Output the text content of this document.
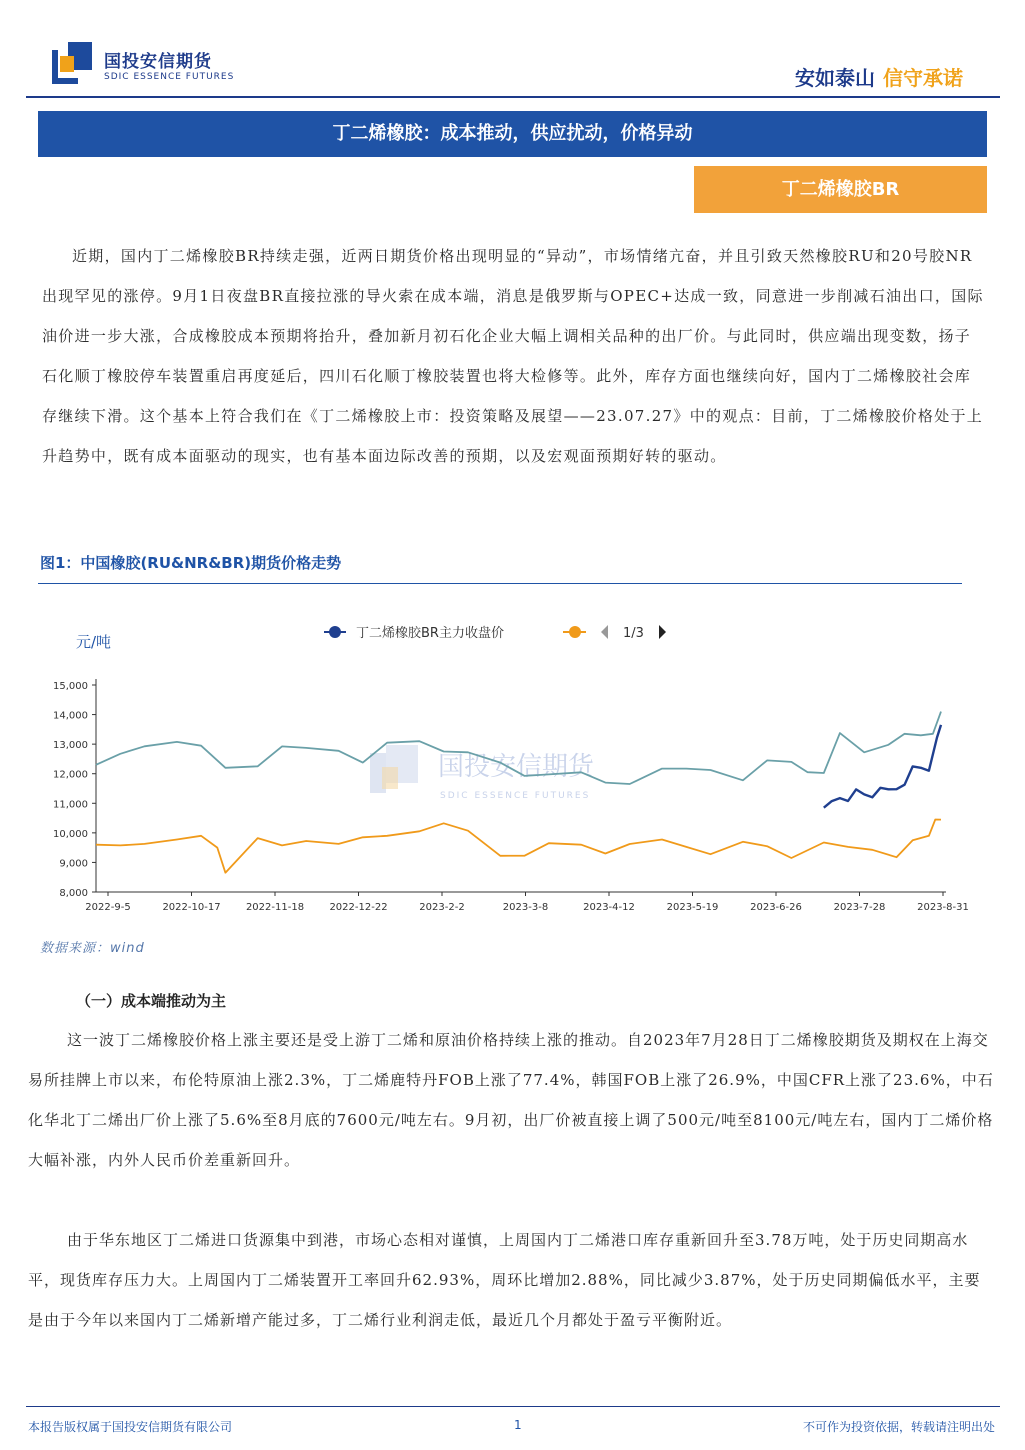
国投安信期货
SDIC ESSENCE FUTURES	安如泰山 信守承诺
丁二烯橡胶：成本推动，供应扰动，价格异动
丁二烯橡胶BR
近期，国内丁二烯橡胶BR持续走强，近两日期货价格出现明显的“异动”，市场情绪亢奋，并且引致天然橡胶RU和20号胶NR出现罕见的涨停。9月1日夜盘BR直接拉涨的导火索在成本端，消息是俄罗斯与OPEC+达成一致，同意进一步削减石油出口，国际油价进一步大涨，合成橡胶成本预期将抬升，叠加新月初石化企业大幅上调相关品种的出厂价。与此同时，供应端出现变数，扬子石化顺丁橡胶停车装置重启再度延后，四川石化顺丁橡胶装置也将大检修等。此外，库存方面也继续向好，国内丁二烯橡胶社会库存继续下滑。这个基本上符合我们在《丁二烯橡胶上市：投资策略及展望——23.07.27》中的观点：目前，丁二烯橡胶价格处于上升趋势中，既有成本面驱动的现实，也有基本面边际改善的预期，以及宏观面预期好转的驱动。
图1：中国橡胶(RU&NR&BR)期货价格走势
丁二烯橡胶BR主力收盘价	1/3
元/吨
国投安信期货
SDIC ESSENCE FUTURES
8,000
9,000
10,000
11,000
12,000
13,000
14,000
15,000
2022-9-5	2022-10-17	2022-11-18	2022-12-22	2023-2-2	2023-3-8	2023-4-12	2023-5-19	2023-6-26	2023-7-28	2023-8-31
数据来源：wind
（一）成本端推动为主
这一波丁二烯橡胶价格上涨主要还是受上游丁二烯和原油价格持续上涨的推动。自2023年7月28日丁二烯橡胶期货及期权在上海交易所挂牌上市以来，布伦特原油上涨2.3%，丁二烯鹿特丹FOB上涨了77.4%，韩国FOB上涨了26.9%，中国CFR上涨了23.6%，中石化华北丁二烯出厂价上涨了5.6%至8月底的7600元/吨左右。9月初，出厂价被直接上调了500元/吨至8100元/吨左右，国内丁二烯价格大幅补涨，内外人民币价差重新回升。
由于华东地区丁二烯进口货源集中到港，市场心态相对谨慎，上周国内丁二烯港口库存重新回升至3.78万吨，处于历史同期高水平，现货库存压力大。上周国内丁二烯装置开工率回升62.93%，周环比增加2.88%，同比减少3.87%，处于历史同期偏低水平，主要是由于今年以来国内丁二烯新增产能过多，丁二烯行业利润走低，最近几个月都处于盈亏平衡附近。
本报告版权属于国投安信期货有限公司	1	不可作为投资依据，转载请注明出处
